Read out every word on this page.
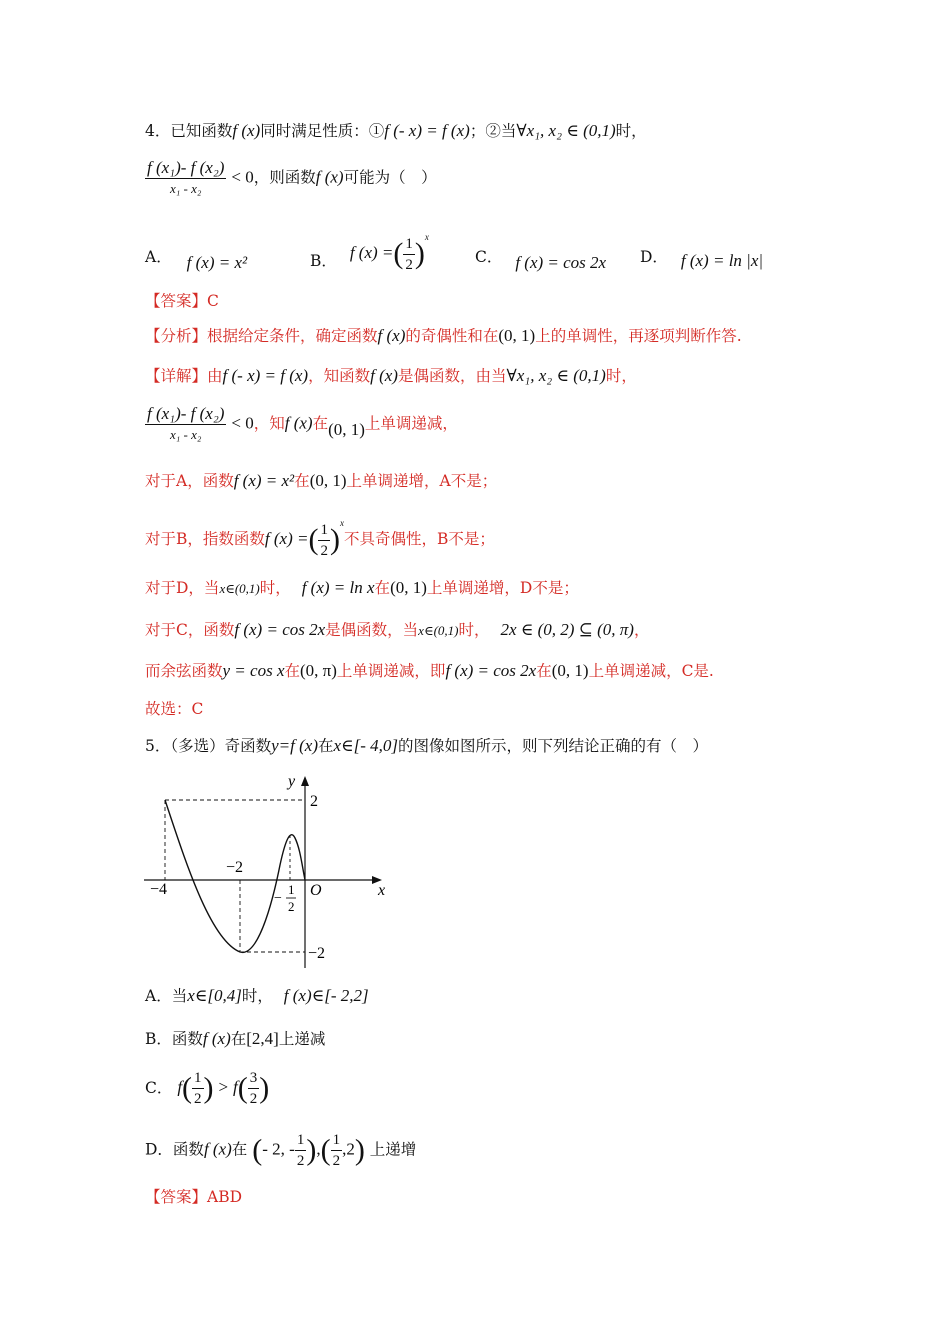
4．已知函数f (x)同时满足性质：①f (- x) = f (x)；②当∀x₁, x₂ ∈ (0,1)时，
$\frac{\text{f (x₁)- f (x₂)}}{\text{x₁ - x₂}} < 0$，则函数f (x)可能为（　）
A． f (x) = x²	B． f (x) =( $\frac{1}{2} )^x$
C． f (x) = cos 2x D． f (x) = ln |x|
【答案】C
【分析】根据给定条件，确定函数f (x)的奇偶性和在(0, 1)上的单调性，再逐项判断作答.
【详解】由f (- x) = f (x)，知函数f (x)是偶函数，由当∀x₁, x₂ ∈ (0,1)时，
$\frac{\text{f (x₁)- f (x₂)}}{\text{x₁ - x₂}} < 0$，知f (x)在(0, 1)上单调递减，
对于A，函数f (x) = x²在(0, 1)上单调递增，A不是；
对于B，指数函数f (x) =( $\frac{1}{2} )^x$不具奇偶性，B不是；
对于D，当x∈(0,1)时， f (x) = ln x在(0, 1)上单调递增，D不是；
对于C，函数f (x) = cos 2x是偶函数，当x∈(0,1)时， 2x ∈ (0, 2) ⊆ (0, π)，
而余弦函数y = cos x在(0, π)上单调递减，即f (x) = cos 2x在(0, 1)上单调递减，C是.
故选：C
5．（多选）奇函数y=f (x)在x∈[- 4,0]的图像如图所示，则下列结论正确的有（　）
y
x
O
2
−2
−4
−
1
2
−2
A．当x∈[0,4]时， f (x)∈[- 2,2]
B．函数f (x)在[2,4]上递减
C． $f( \frac{1}{2}$ ) > $f( \frac{3}{2}$ )
D．函数f (x)在 (- 2, - $\frac{1}{2}$ ),( $\frac{1}{2} ,2$) 上递增
【答案】ABD
